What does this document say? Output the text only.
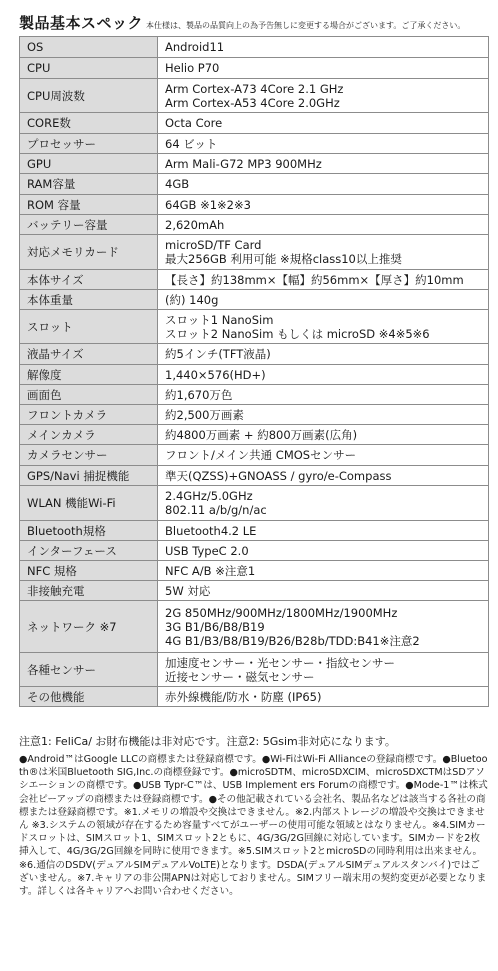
製品基本スペック 本仕様は、製品の品質向上の為予告無しに変更する場合がございます。ご了承ください。
OS	Android11

CPU	Helio P70

CPU周波数	Arm Cortex-A73 4Core 2.1 GHz
Arm Cortex-A53 4Core 2.0GHz

CORE数	Octa Core

プロセッサー	64 ビット

GPU	Arm Mali-G72 MP3 900MHz

RAM容量	4GB

ROM 容量	64GB ※1※2※3

バッテリー容量	2,620mAh

対応メモリカード	microSD/TF Card
最大256GB 利用可能 ※規格class10以上推奨

本体サイズ	【長さ】約138mm×【幅】約56mm×【厚さ】約10mm

本体重量	(約) 140g

スロット	スロット1 NanoSim
スロット2 NanoSim もしくは microSD ※4※5※6

液晶サイズ	約5インチ(TFT液晶)

解像度	1,440×576(HD+)

画面色	約1,670万色

フロントカメラ	約2,500万画素

メインカメラ	約4800万画素 + 約800万画素(広角)

カメラセンサー	フロント/メイン共通 CMOSセンサー

GPS/Navi 捕捉機能	準天(QZSS)+GNOASS / gyro/e-Compass

WLAN 機能Wi-Fi	2.4GHz/5.0GHz
802.11 a/b/g/n/ac

Bluetooth規格	Bluetooth4.2 LE

インターフェース	USB TypeC 2.0

NFC 規格	NFC A/B ※注意1

非接触充電	5W 対応

ネットワーク ※7	2G 850MHz/900MHz/1800MHz/1900MHz
3G B1/B6/B8/B19
4G B1/B3/B8/B19/B26/B28b/TDD:B41※注意2

各種センサー	加速度センサー・光センサー・指紋センサー
近接センサー・磁気センサー

その他機能	赤外線機能/防水・防塵 (IP65)
注意1: FeliCa/ お財布機能は非対応です。注意2: 5Gsim非対応になります。
●Android™はGoogle LLCの商標または登録商標です。●Wi-FiはWi-Fi Allianceの登録商標です。●Bluetooth®は米国Bluetooth SIG,Inc.の商標登録です。●microSDTM、microSDXCIM、microSDXCTMはSDアソシエーションの商標です。●USB Typr-C™は、USB Implement ers Forumの商標です。●Mode-1™は株式会社ピーアップの商標または登録商標です。●その他記載されている会社名、製品名などは該当する各社の商標または登録商標です。※1.メモリの増設や交換はできません。※2.内部ストレージの増設や交換はできません ※3.システムの領域が存在するため容量すべてがユーザーの使用可能な領域とはなりません。※4.SIMカードスロットは、SIMスロット1、SIMスロット2ともに、4G/3G/2G回線に対応しています。SIMカードを2枚挿入して、4G/3G/2G回線を同時に使用できます。※5.SIMスロット2とmicroSDの同時利用は出来ません。※6.通信のDSDV(デュアルSIMデュアルVoLTE)となります。DSDA(デュアルSIMデュアルスタンバイ)ではございません。※7.キャリアの非公開APNは対応しておりません。SIMフリー端末用の契約変更が必要となります。詳しくは各キャリアへお問い合わせください。
